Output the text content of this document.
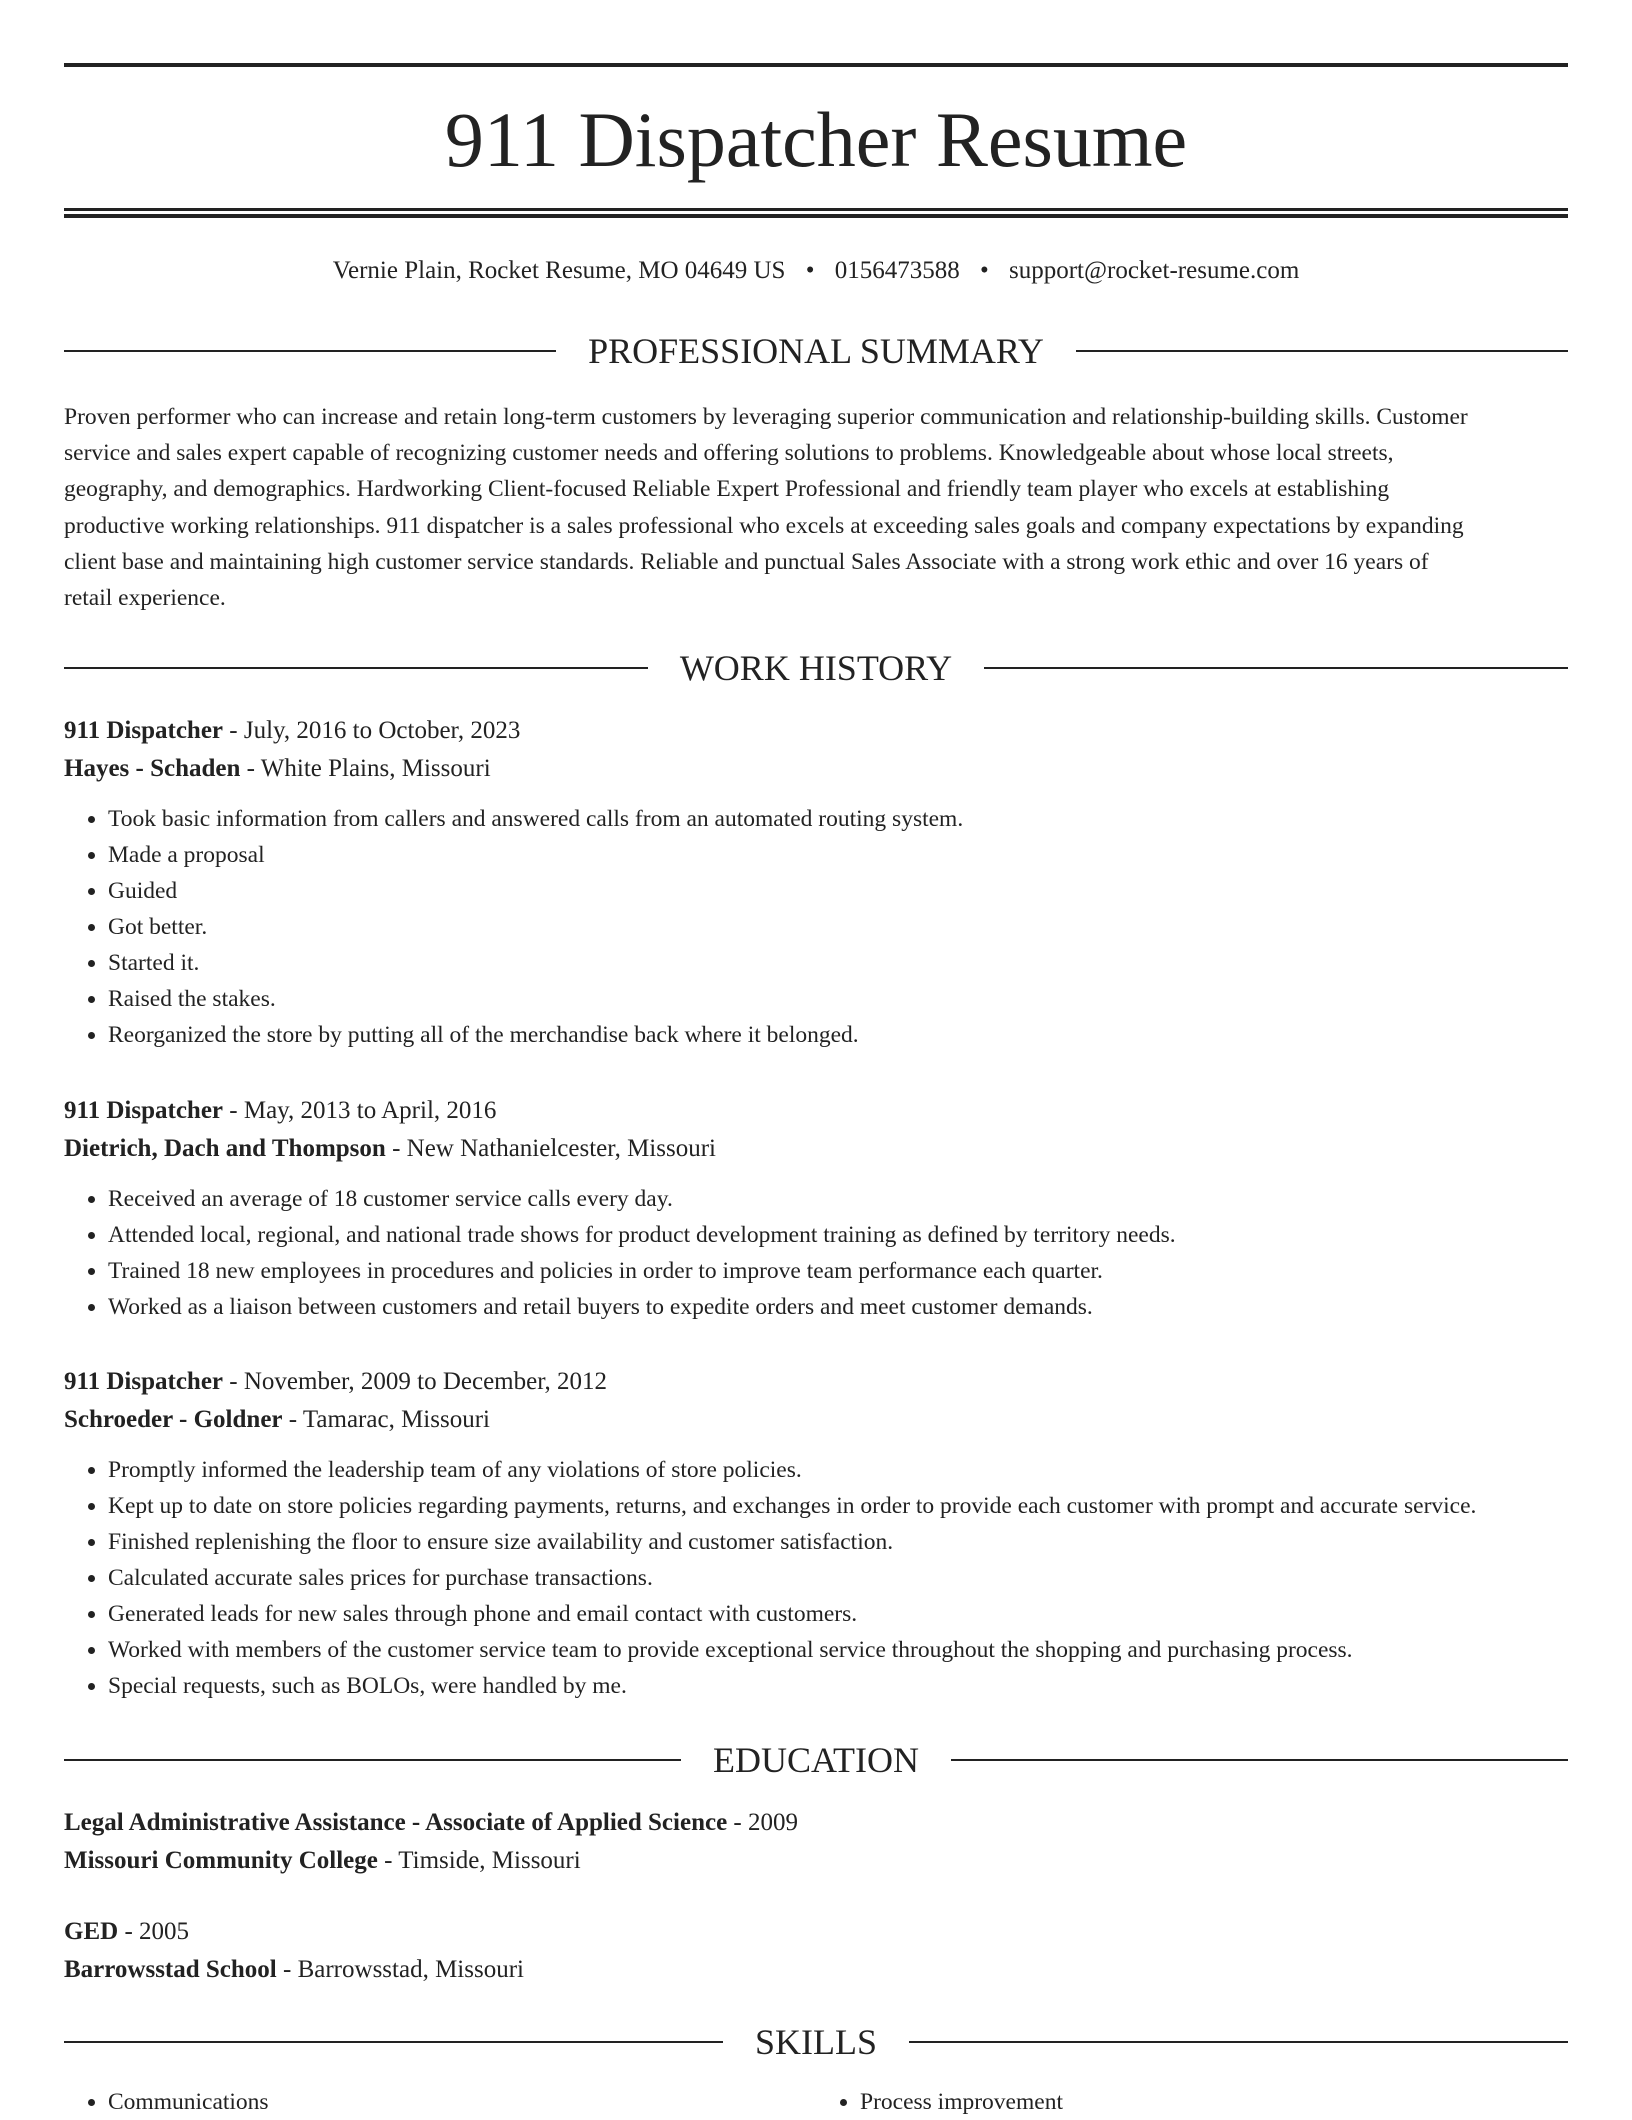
911 Dispatcher Resume
Vernie Plain, Rocket Resume, MO 04649 US • 0156473588 • support@rocket-resume.com
PROFESSIONAL SUMMARY

Proven performer who can increase and retain long-term customers by leveraging superior communication and relationship-building skills. Customer
service and sales expert capable of recognizing customer needs and offering solutions to problems. Knowledgeable about whose local streets,
geography, and demographics. Hardworking Client-focused Reliable Expert Professional and friendly team player who excels at establishing
productive working relationships. 911 dispatcher is a sales professional who excels at exceeding sales goals and company expectations by expanding
client base and maintaining high customer service standards. Reliable and punctual Sales Associate with a strong work ethic and over 16 years of
retail experience.

WORK HISTORY
911 Dispatcher - July, 2016 to October, 2023
Hayes - Schaden - White Plains, Missouri
• Took basic information from callers and answered calls from an automated routing system.
• Made a proposal
• Guided
• Got better.
• Started it.
• Raised the stakes.
• Reorganized the store by putting all of the merchandise back where it belonged.
911 Dispatcher - May, 2013 to April, 2016
Dietrich, Dach and Thompson - New Nathanielcester, Missouri
• Received an average of 18 customer service calls every day.
• Attended local, regional, and national trade shows for product development training as defined by territory needs.
• Trained 18 new employees in procedures and policies in order to improve team performance each quarter.
• Worked as a liaison between customers and retail buyers to expedite orders and meet customer demands.
911 Dispatcher - November, 2009 to December, 2012
Schroeder - Goldner - Tamarac, Missouri
• Promptly informed the leadership team of any violations of store policies.
• Kept up to date on store policies regarding payments, returns, and exchanges in order to provide each customer with prompt and accurate service.
• Finished replenishing the floor to ensure size availability and customer satisfaction.
• Calculated accurate sales prices for purchase transactions.
• Generated leads for new sales through phone and email contact with customers.
• Worked with members of the customer service team to provide exceptional service throughout the shopping and purchasing process.
• Special requests, such as BOLOs, were handled by me.
EDUCATION
Legal Administrative Assistance - Associate of Applied Science - 2009
Missouri Community College - Timside, Missouri
GED - 2005
Barrowsstad School - Barrowsstad, Missouri
SKILLS
• Communications
•	Process improvement
